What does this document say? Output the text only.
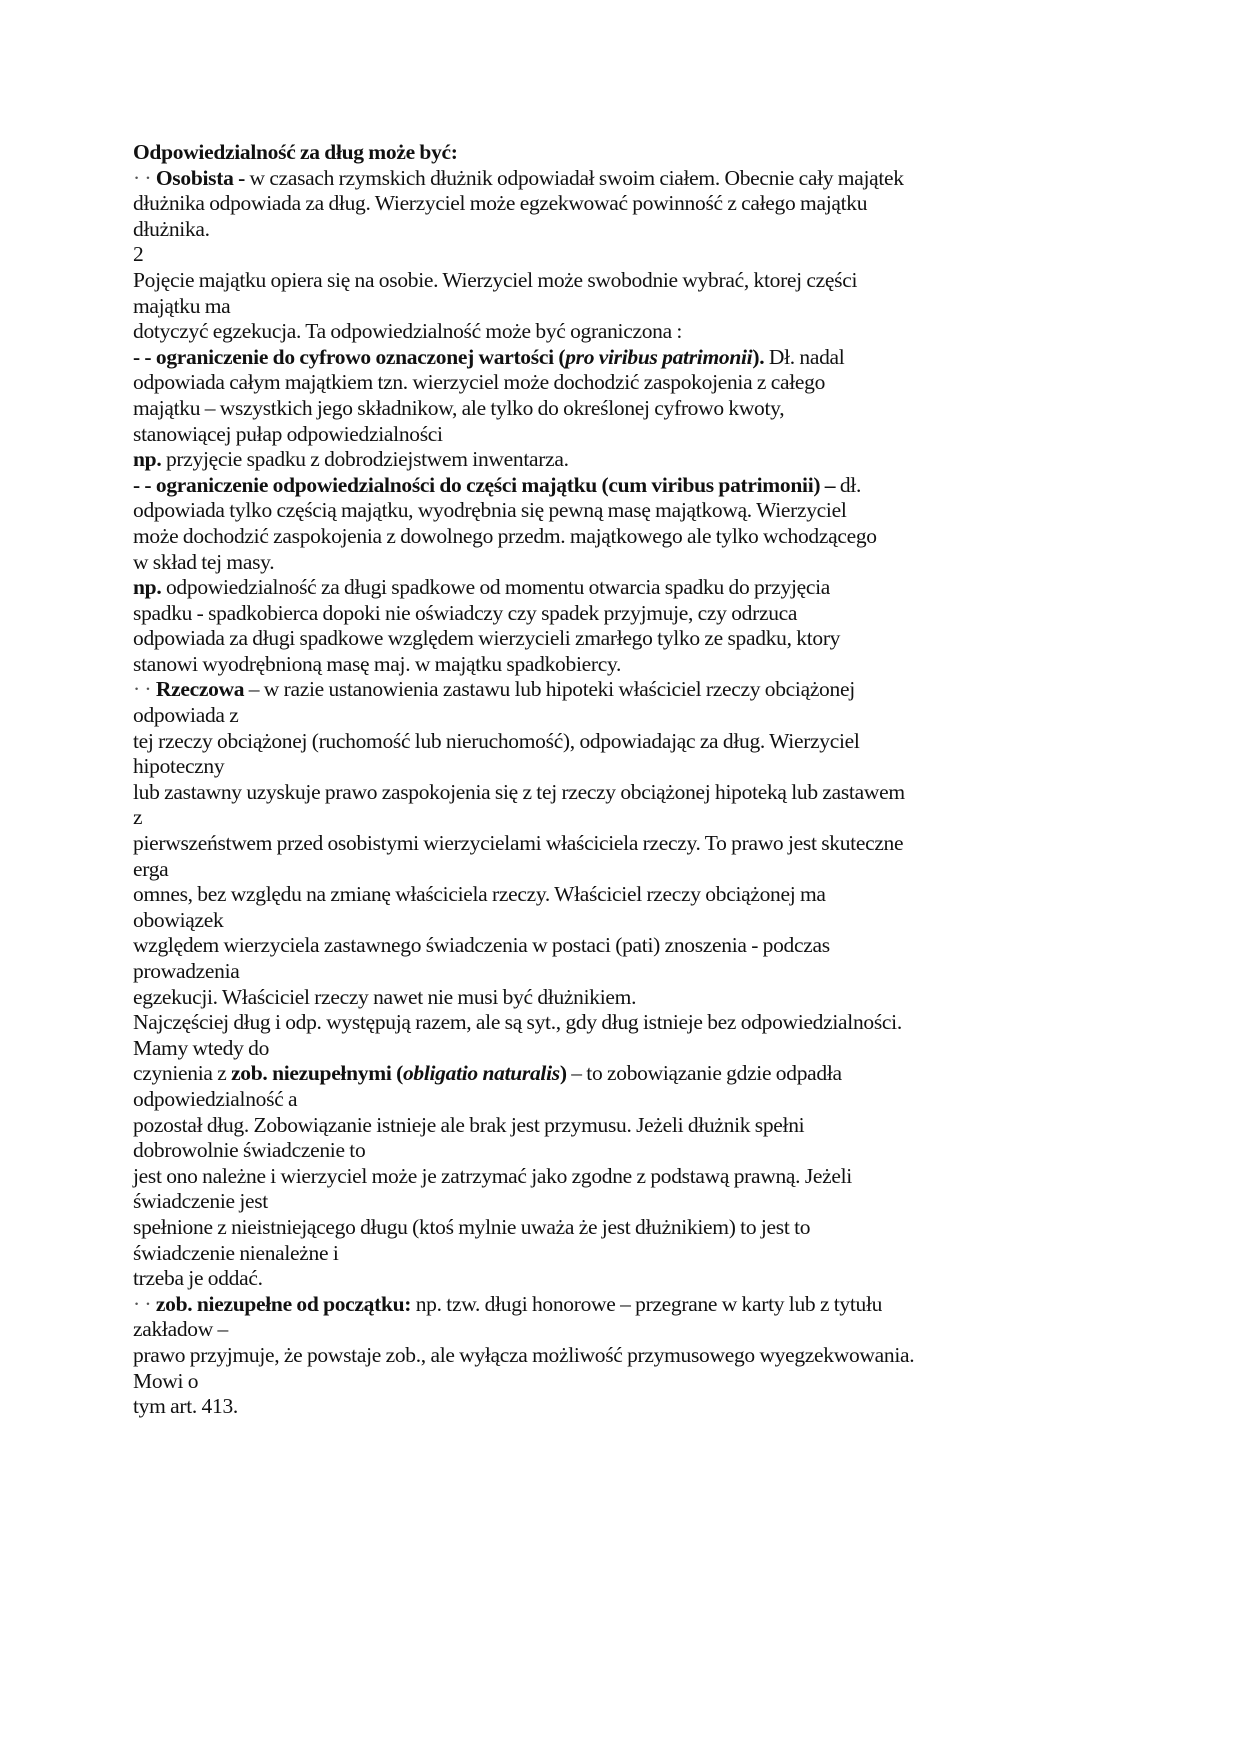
Odpowiedzialność za dług może być:
· · Osobista - w czasach rzymskich dłużnik odpowiadał swoim ciałem. Obecnie cały majątek
dłużnika odpowiada za dług. Wierzyciel może egzekwować powinność z całego majątku
dłużnika.
2
Pojęcie majątku opiera się na osobie. Wierzyciel może swobodnie wybrać, ktorej części
majątku ma
dotyczyć egzekucja. Ta odpowiedzialność może być ograniczona :
- - ograniczenie do cyfrowo oznaczonej wartości (pro viribus patrimonii). Dł. nadal
odpowiada całym majątkiem tzn. wierzyciel może dochodzić zaspokojenia z całego
majątku – wszystkich jego składnikow, ale tylko do określonej cyfrowo kwoty,
stanowiącej pułap odpowiedzialności
np. przyjęcie spadku z dobrodziejstwem inwentarza.
- - ograniczenie odpowiedzialności do części majątku (cum viribus patrimonii) – dł.
odpowiada tylko częścią majątku, wyodrębnia się pewną masę majątkową. Wierzyciel
może dochodzić zaspokojenia z dowolnego przedm. majątkowego ale tylko wchodzącego
w skład tej masy.
np. odpowiedzialność za długi spadkowe od momentu otwarcia spadku do przyjęcia
spadku - spadkobierca dopoki nie oświadczy czy spadek przyjmuje, czy odrzuca
odpowiada za długi spadkowe względem wierzycieli zmarłego tylko ze spadku, ktory
stanowi wyodrębnioną masę maj. w majątku spadkobiercy.
· · Rzeczowa – w razie ustanowienia zastawu lub hipoteki właściciel rzeczy obciążonej
odpowiada z
tej rzeczy obciążonej (ruchomość lub nieruchomość), odpowiadając za dług. Wierzyciel
hipoteczny
lub zastawny uzyskuje prawo zaspokojenia się z tej rzeczy obciążonej hipoteką lub zastawem
z
pierwszeństwem przed osobistymi wierzycielami właściciela rzeczy. To prawo jest skuteczne
erga
omnes, bez względu na zmianę właściciela rzeczy. Właściciel rzeczy obciążonej ma
obowiązek
względem wierzyciela zastawnego świadczenia w postaci (pati) znoszenia - podczas
prowadzenia
egzekucji. Właściciel rzeczy nawet nie musi być dłużnikiem.
Najczęściej dług i odp. występują razem, ale są syt., gdy dług istnieje bez odpowiedzialności.
Mamy wtedy do
czynienia z zob. niezupełnymi (obligatio naturalis) – to zobowiązanie gdzie odpadła
odpowiedzialność a
pozostał dług. Zobowiązanie istnieje ale brak jest przymusu. Jeżeli dłużnik spełni
dobrowolnie świadczenie to
jest ono należne i wierzyciel może je zatrzymać jako zgodne z podstawą prawną. Jeżeli
świadczenie jest
spełnione z nieistniejącego długu (ktoś mylnie uważa że jest dłużnikiem) to jest to
świadczenie nienależne i
trzeba je oddać.
· · zob. niezupełne od początku: np. tzw. długi honorowe – przegrane w karty lub z tytułu
zakładow –
prawo przyjmuje, że powstaje zob., ale wyłącza możliwość przymusowego wyegzekwowania.
Mowi o
tym art. 413.
